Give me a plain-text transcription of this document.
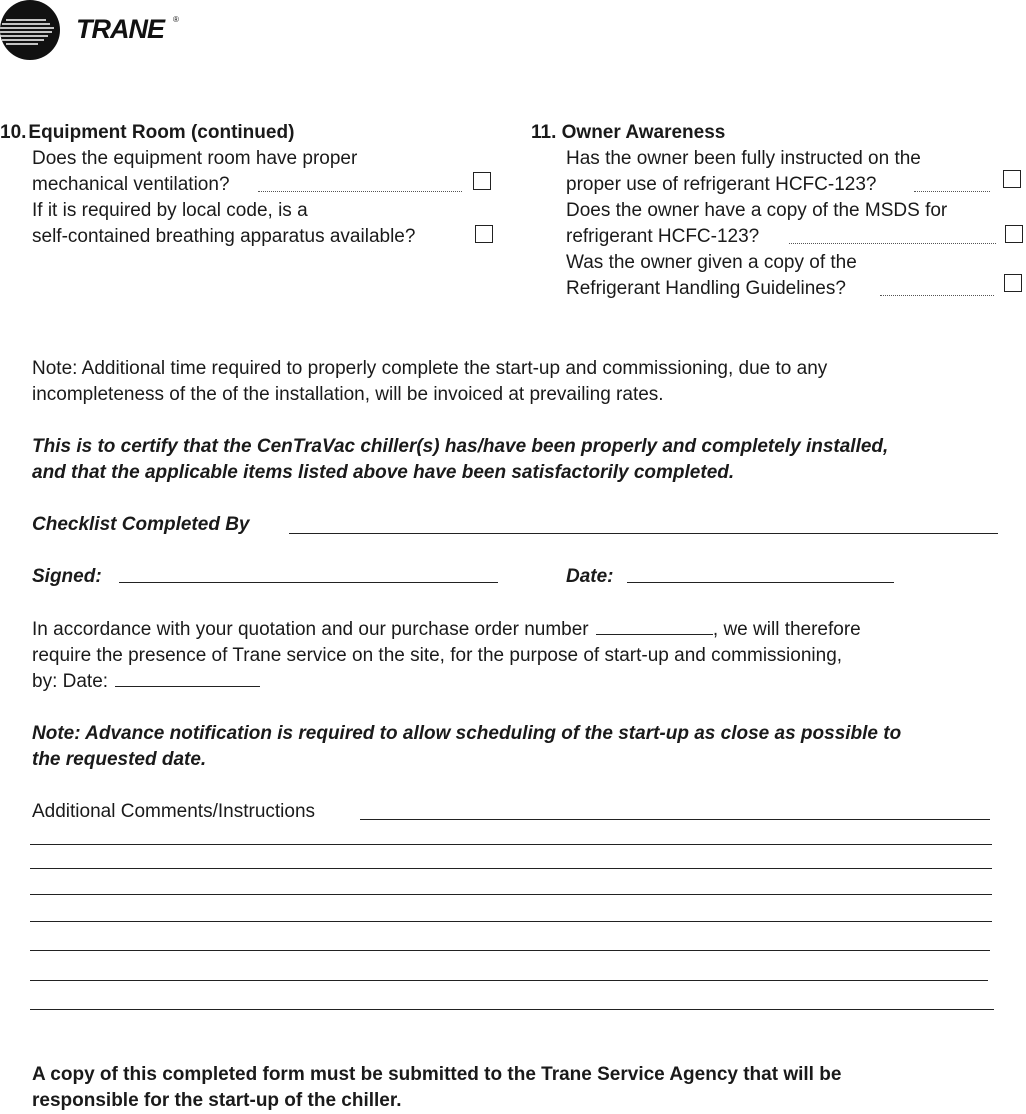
TRANE ®
10. Equipment Room (continued)
Does the equipment room have proper
mechanical ventilation?
If it is required by local code, is a
self-contained breathing apparatus available?
11. Owner Awareness
Has the owner been fully instructed on the
proper use of refrigerant HCFC-123?
Does the owner have a copy of the MSDS for
refrigerant HCFC-123?
Was the owner given a copy of the
Refrigerant Handling Guidelines?
Note: Additional time required to properly complete the start-up and commissioning, due to any
incompleteness of the of the installation, will be invoiced at prevailing rates.
This is to certify that the CenTraVac chiller(s) has/have been properly and completely installed,
and that the applicable items listed above have been satisfactorily completed.
Checklist Completed By
Signed:	Date:
In accordance with your quotation and our purchase order number	, we will therefore
require the presence of Trane service on the site, for the purpose of start-up and commissioning,
by: Date:
Note: Advance notification is required to allow scheduling of the start-up as close as possible to
the requested date.
Additional Comments/Instructions
A copy of this completed form must be submitted to the Trane Service Agency that will be
responsible for the start-up of the chiller.
